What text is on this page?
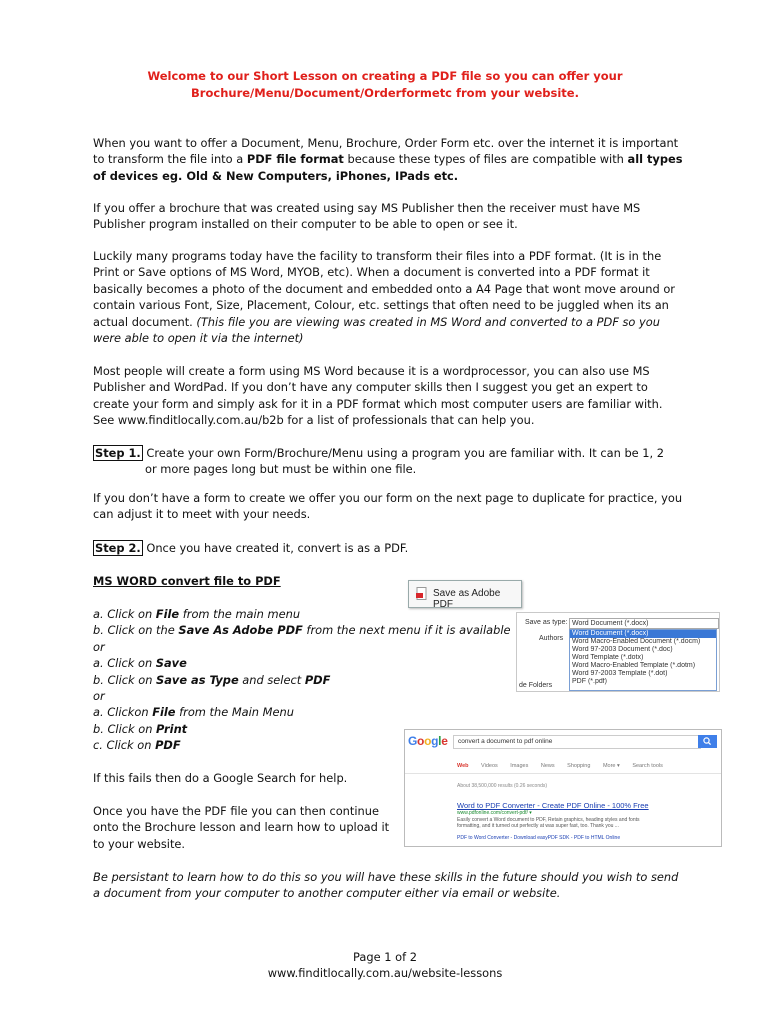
Welcome to our Short Lesson on creating a PDF file so you can offer your
Brochure/Menu/Document/Orderformetc from your website.
When you want to offer a Document, Menu, Brochure, Order Form etc. over the internet it is important to transform the file into a PDF file format because these types of files are compatible with all types of devices eg. Old & New Computers, iPhones, IPads etc.
If you offer a brochure that was created using say MS Publisher then the receiver must have MS Publisher program installed on their computer to be able to open or see it.
Luckily many programs today have the facility to transform their files into a PDF format. (It is in the Print or Save options of MS Word, MYOB, etc). When a document is converted into a PDF format it basically becomes a photo of the document and embedded onto a A4 Page that wont move around or contain various Font, Size, Placement, Colour, etc. settings that often need to be juggled when its an actual document. (This file you are viewing was created in MS Word and converted to a PDF so you were able to open it via the internet)
Most people will create a form using MS Word because it is a wordprocessor, you can also use MS Publisher and WordPad. If you don’t have any computer skills then I suggest you get an expert to create your form and simply ask for it in a PDF format which most computer users are familiar with. See www.finditlocally.com.au/b2b for a list of professionals that can help you.
Step 1. Create your own Form/Brochure/Menu using a program you are familiar with. It can be 1, 2
or more pages long but must be within one file.
If you don’t have a form to create we offer you our form on the next page to duplicate for practice, you can adjust it to meet with your needs.
Step 2. Once you have created it, convert is as a PDF.
MS WORD convert file to PDF
a. Click on File from the main menu
b. Click on the Save As Adobe PDF from the next menu if it is available
or
a. Click on Save
b. Click on Save as Type and select PDF
or
a. Clickon File from the Main Menu
b. Click on Print
c. Click on PDF
If this fails then do a Google Search for help.
Once you have the PDF file you can then continue onto the Brochure lesson and learn how to upload it to your website.
Be persistant to learn how to do this so you will have these skills in the future should you wish to send a document from your computer to another computer either via email or website.
Save as Adobe PDF
Save as type:
Authors
de Folders
Word Document (*.docx)
Word Document (*.docx)
Word Macro-Enabled Document (*.docm)
Word 97-2003 Document (*.doc)
Word Template (*.dotx)
Word Macro-Enabled Template (*.dotm)
Word 97-2003 Template (*.dot)
PDF (*.pdf)
Google	convert a document to pdf online
Web Videos Images News Shopping More ▾ Search tools
About 38,500,000 results (0.26 seconds)
Word to PDF Converter - Create PDF Online - 100% Free
www.pdfonline.com/convert-pdf/ ▾
Easily convert a Word document to PDF, Retain graphics, heading styles and fonts formatting, and it turned out perfectly at was super fast, too. Thank you ...
PDF to Word Converter - Download easyPDF SDK - PDF to HTML Online
Page 1 of 2
www.finditlocally.com.au/website-lessons
